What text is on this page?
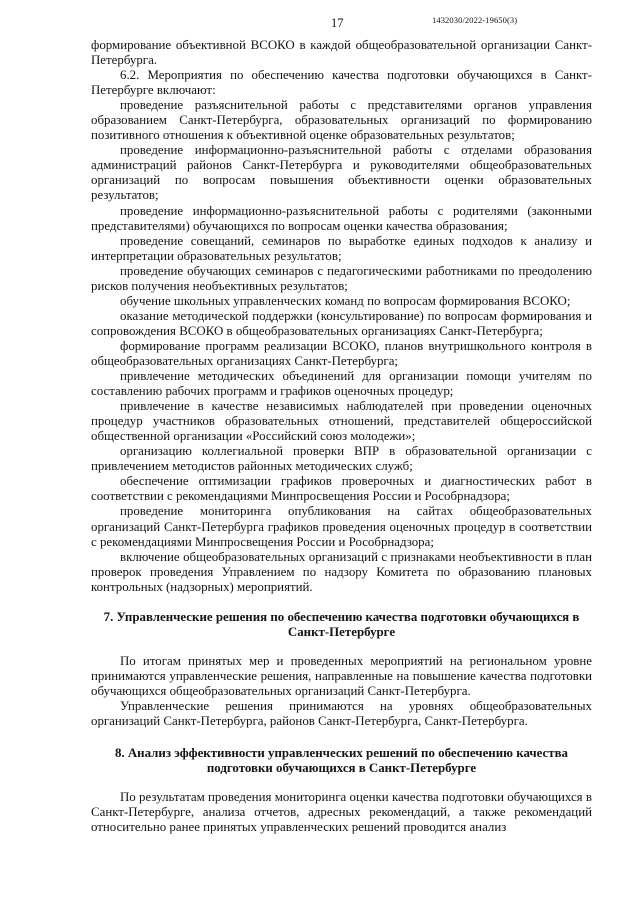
17	1432030/2022-19650(3)

формирование объективной ВСОКО в каждой общеобразовательной организации Санкт-Петербурга.

6.2. Мероприятия по обеспечению качества подготовки обучающихся в Санкт-Петербурге включают:

проведение разъяснительной работы с представителями органов управления образованием Санкт-Петербурга, образовательных организаций по формированию позитивного отношения к объективной оценке образовательных результатов;

проведение информационно-разъяснительной работы с отделами образования администраций районов Санкт-Петербурга и руководителями общеобразовательных организаций по вопросам повышения объективности оценки образовательных результатов;

проведение информационно-разъяснительной работы с родителями (законными представителями) обучающихся по вопросам оценки качества образования;

проведение совещаний, семинаров по выработке единых подходов к анализу и интерпретации образовательных результатов;

проведение обучающих семинаров с педагогическими работниками по преодолению рисков получения необъективных результатов;

обучение школьных управленческих команд по вопросам формирования ВСОКО;

оказание методической поддержки (консультирование) по вопросам формирования и сопровождения ВСОКО в общеобразовательных организациях Санкт-Петербурга;

формирование программ реализации ВСОКО, планов внутришкольного контроля в общеобразовательных организациях Санкт-Петербурга;

привлечение методических объединений для организации помощи учителям по составлению рабочих программ и графиков оценочных процедур;

привлечение в качестве независимых наблюдателей при проведении оценочных процедур участников образовательных отношений, представителей общероссийской общественной организации «Российский союз молодежи»;

организацию коллегиальной проверки ВПР в образовательной организации с привлечением методистов районных методических служб;

обеспечение оптимизации графиков проверочных и диагностических работ в соответствии с рекомендациями Минпросвещения России и Рособрнадзора;

проведение мониторинга опубликования на сайтах общеобразовательных организаций Санкт-Петербурга графиков проведения оценочных процедур в соответствии с рекомендациями Минпросвещения России и Рособрнадзора;

включение общеобразовательных организаций с признаками необъективности в план проверок проведения Управлением по надзору Комитета по образованию плановых контрольных (надзорных) мероприятий.

7. Управленческие решения по обеспечению качества подготовки обучающихся в Санкт-Петербурге

По итогам принятых мер и проведенных мероприятий на региональном уровне принимаются управленческие решения, направленные на повышение качества подготовки обучающихся общеобразовательных организаций Санкт-Петербурга.

Управленческие решения принимаются на уровнях общеобразовательных организаций Санкт-Петербурга, районов Санкт-Петербурга, Санкт-Петербурга.

8. Анализ эффективности управленческих решений по обеспечению качества подготовки обучающихся в Санкт-Петербурге

По результатам проведения мониторинга оценки качества подготовки обучающихся в Санкт-Петербурге, анализа отчетов, адресных рекомендаций, а также рекомендаций относительно ранее принятых управленческих решений проводится анализ
